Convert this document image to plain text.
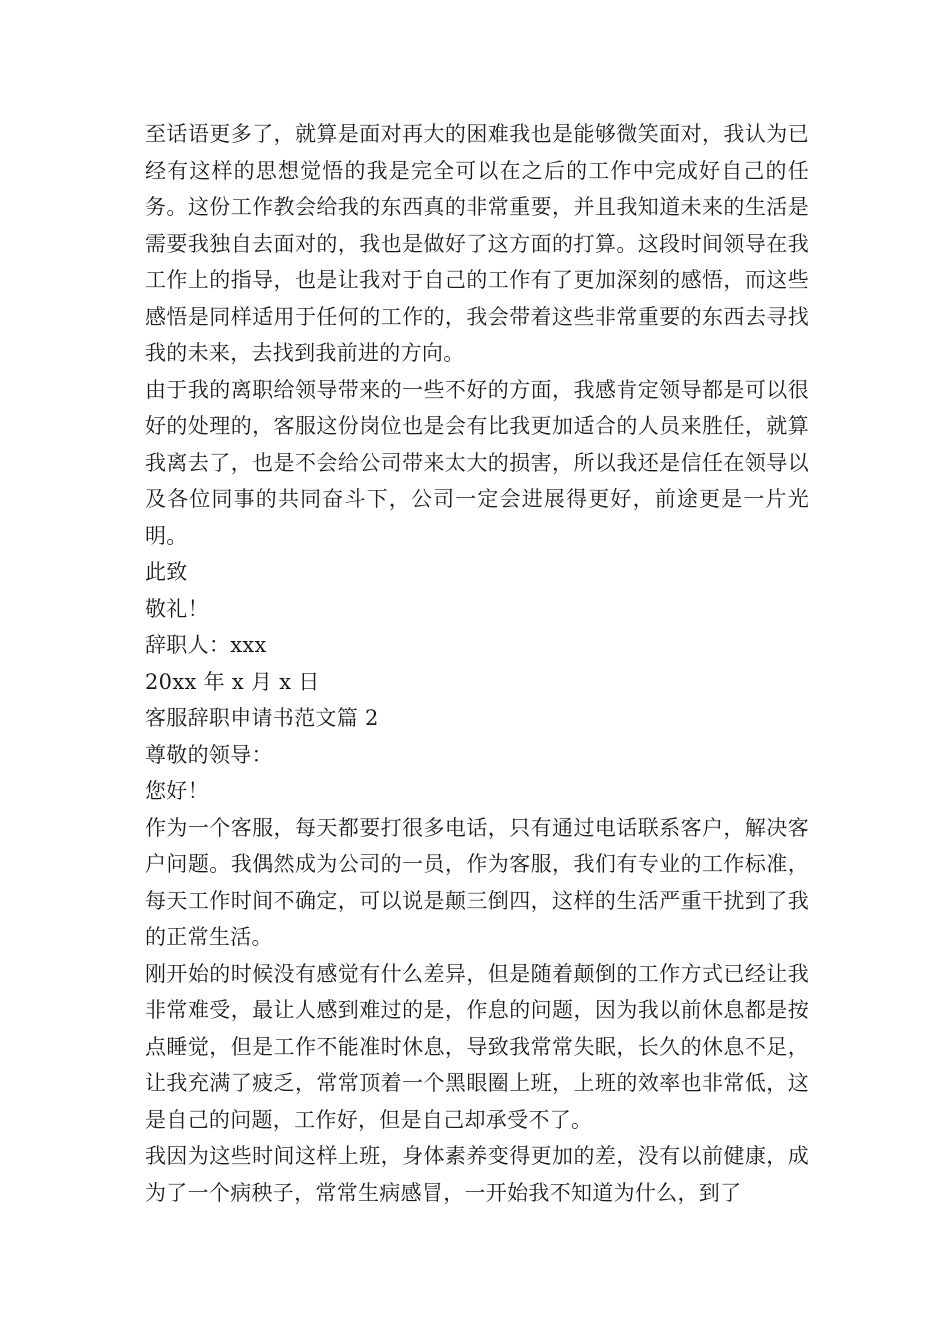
至话语更多了，就算是面对再大的困难我也是能够微笑面对，我认为已经有这样的思想觉悟的我是完全可以在之后的工作中完成好自己的任务。这份工作教会给我的东西真的非常重要，并且我知道未来的生活是需要我独自去面对的，我也是做好了这方面的打算。这段时间领导在我工作上的指导，也是让我对于自己的工作有了更加深刻的感悟，而这些感悟是同样适用于任何的工作的，我会带着这些非常重要的东西去寻找我的未来，去找到我前进的方向。

由于我的离职给领导带来的一些不好的方面，我感肯定领导都是可以很好的处理的，客服这份岗位也是会有比我更加适合的人员来胜任，就算我离去了，也是不会给公司带来太大的损害，所以我还是信任在领导以及各位同事的共同奋斗下，公司一定会进展得更好，前途更是一片光明。

此致

敬礼！

辞职人：xxx

20xx 年 x 月 x 日

客服辞职申请书范文篇 2

尊敬的领导：

您好！

作为一个客服，每天都要打很多电话，只有通过电话联系客户，解决客户问题。我偶然成为公司的一员，作为客服，我们有专业的工作标准，每天工作时间不确定，可以说是颠三倒四，这样的生活严重干扰到了我的正常生活。

刚开始的时候没有感觉有什么差异，但是随着颠倒的工作方式已经让我非常难受，最让人感到难过的是，作息的问题，因为我以前休息都是按点睡觉，但是工作不能准时休息，导致我常常失眠，长久的休息不足，让我充满了疲乏，常常顶着一个黑眼圈上班，上班的效率也非常低，这是自己的问题，工作好，但是自己却承受不了。

我因为这些时间这样上班，身体素养变得更加的差，没有以前健康，成为了一个病秧子，常常生病感冒，一开始我不知道为什么，到了
